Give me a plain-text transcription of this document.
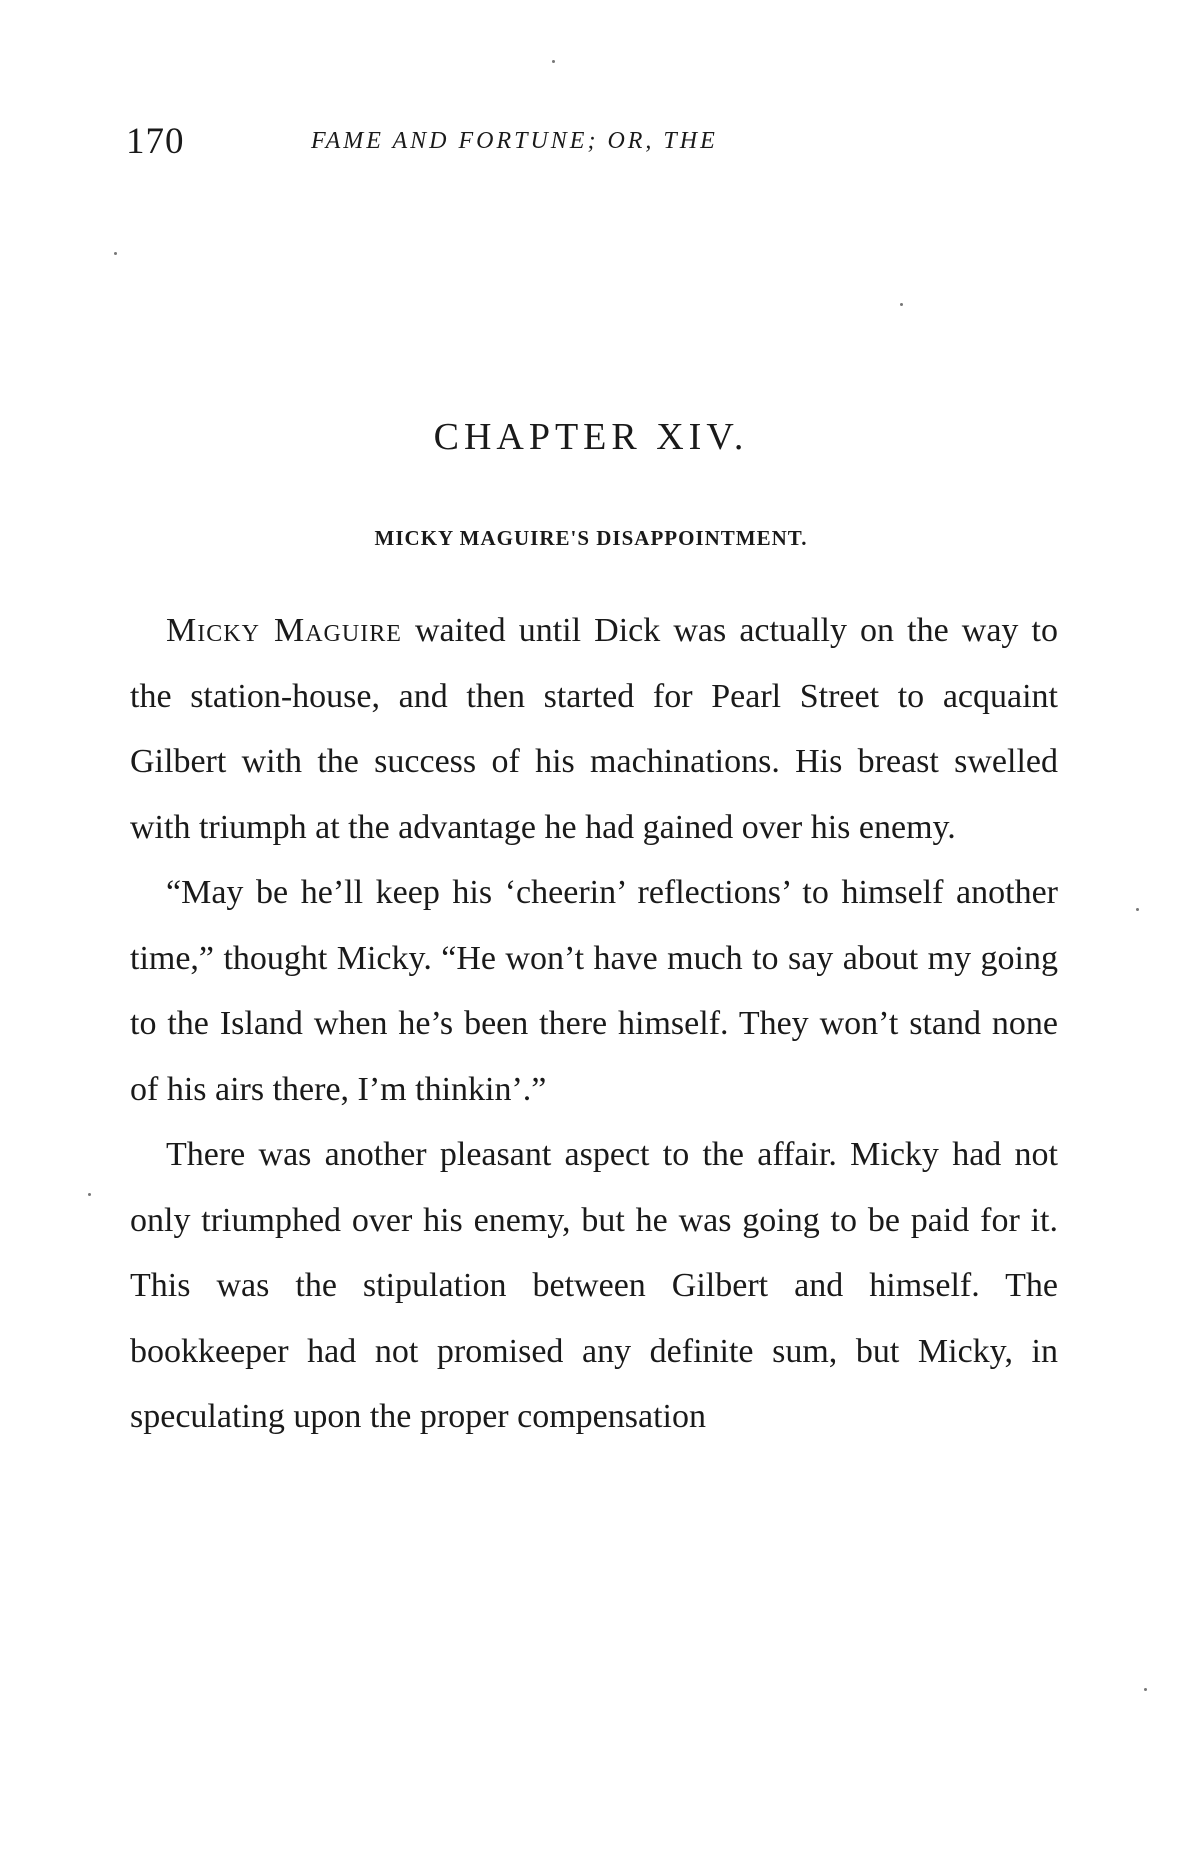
170	FAME AND FORTUNE; OR, THE
CHAPTER XIV.
MICKY MAGUIRE'S DISAPPOINTMENT.

Micky Maguire waited until Dick was actually on the way to the station-house, and then started for Pearl Street to acquaint Gilbert with the success of his machinations. His breast swelled with triumph at the advantage he had gained over his enemy.

“May be he’ll keep his ‘cheerin’ reflections’ to himself another time,” thought Micky. “He won’t have much to say about my going to the Island when he’s been there himself. They won’t stand none of his airs there, I’m thinkin’.”

There was another pleasant aspect to the affair. Micky had not only triumphed over his enemy, but he was going to be paid for it. This was the stipulation between Gilbert and himself. The bookkeeper had not promised any definite sum, but Micky, in speculating upon the proper compensation
